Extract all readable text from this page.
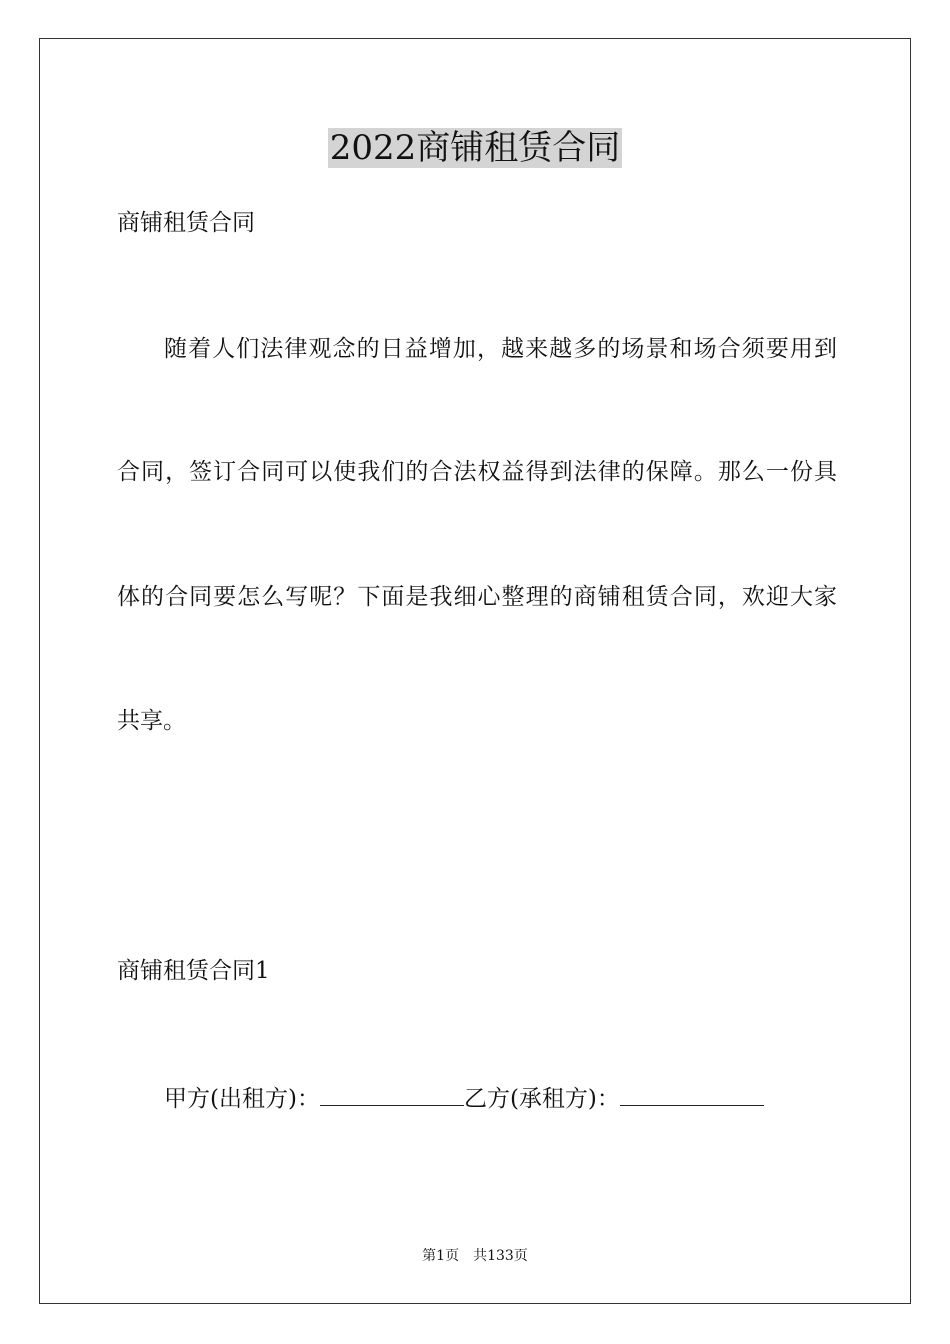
2022商铺租赁合同
商铺租赁合同
随着人们法律观念的日益增加，越来越多的场景和场合须要用到
合同，签订合同可以使我们的合法权益得到法律的保障。那么一份具
体的合同要怎么写呢？下面是我细心整理的商铺租赁合同，欢迎大家
共享。
商铺租赁合同1
甲方(出租方)：	乙方(承租方)：
第1页 共133页
